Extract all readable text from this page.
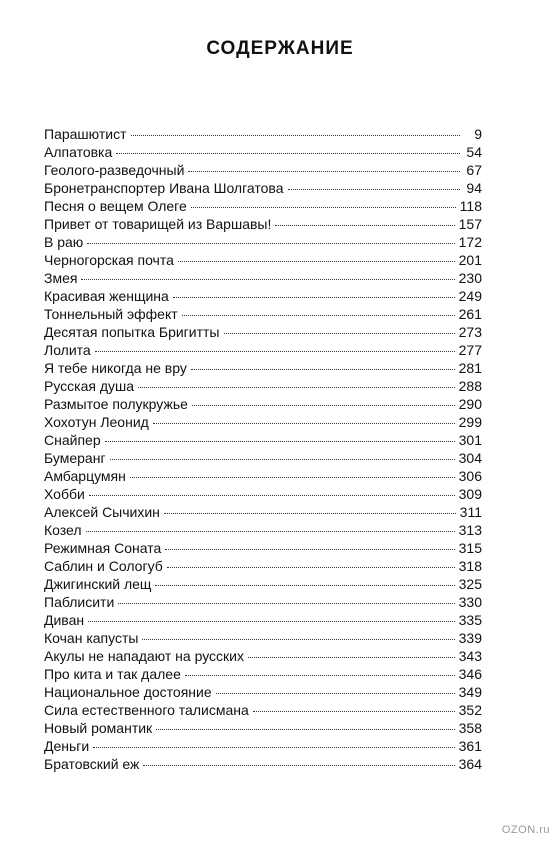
СОДЕРЖАНИЕ
Парашютист	9
Алпатовка	54
Геолого-разведочный	67
Бронетранспортер Ивана Шолгатова	94
Песня о вещем Олеге	118
Привет от товарищей из Варшавы!	157
В раю	172
Черногорская почта	201
Змея	230
Красивая женщина	249
Тоннельный эффект	261
Десятая попытка Бригитты	273
Лолита	277
Я тебе никогда не вру	281
Русская душа	288
Размытое полукружье	290
Хохотун Леонид	299
Снайпер	301
Бумеранг	304
Амбарцумян	306
Хобби	309
Алексей Сычихин	311
Козел	313
Режимная Соната	315
Саблин и Сологуб	318
Джигинский лещ	325
Паблисити	330
Диван	335
Кочан капусты	339
Акулы не нападают на русских	343
Про кита и так далее	346
Национальное достояние	349
Сила естественного талисмана	352
Новый романтик	358
Деньги	361
Братовский еж	364
OZON.ru
